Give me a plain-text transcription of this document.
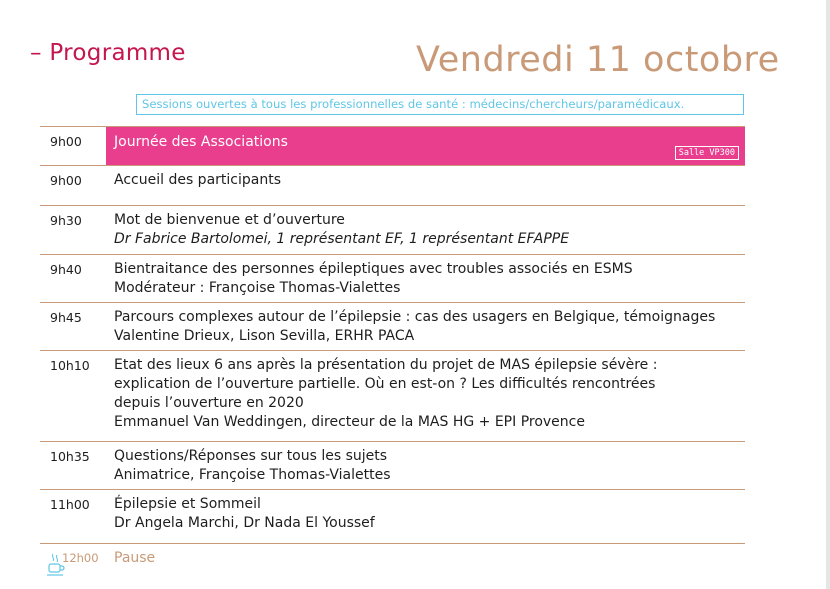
– Programme	Vendredi 11 octobre
Sessions ouvertes à tous les professionnelles de santé : médecins/chercheurs/paramédicaux.
9h00	Journée des Associations
Salle VP300
9h00	Accueil des participants
9h30	Mot de bienvenue et d’ouverture
Dr Fabrice Bartolomei, 1 représentant EF, 1 représentant EFAPPE
9h40	Bientraitance des personnes épileptiques avec troubles associés en ESMS
Modérateur : Françoise Thomas-Vialettes
9h45	Parcours complexes autour de l’épilepsie : cas des usagers en Belgique, témoignages
Valentine Drieux, Lison Sevilla, ERHR PACA
10h10	Etat des lieux 6 ans après la présentation du projet de MAS épilepsie sévère :
explication de l’ouverture partielle. Où en est-on ? Les difficultés rencontrées
depuis l’ouverture en 2020
Emmanuel Van Weddingen, directeur de la MAS HG + EPI Provence
10h35	Questions/Réponses sur tous les sujets
Animatrice, Françoise Thomas-Vialettes
11h00	Épilepsie et Sommeil
Dr Angela Marchi, Dr Nada El Youssef
12h00 Pause
